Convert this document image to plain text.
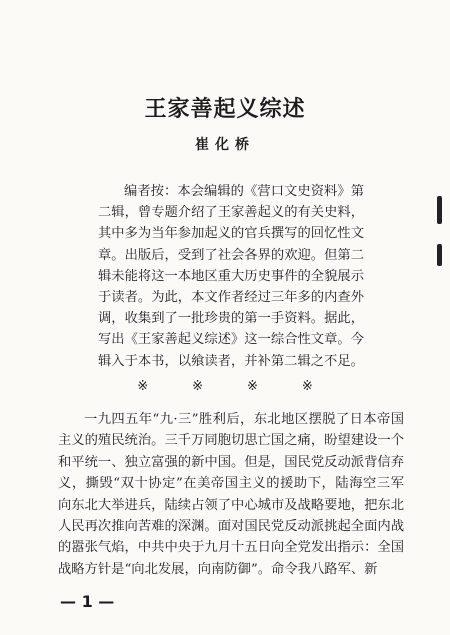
王家善起义综述
崔化桥

编者按：本会编辑的《营口文史资料》第二辑，曾专题介绍了王家善起义的有关史料，其中多为当年参加起义的官兵撰写的回忆性文章。出版后，受到了社会各界的欢迎。但第二辑未能将这一本地区重大历史事件的全貌展示于读者。为此，本文作者经过三年多的内查外调，收集到了一批珍贵的第一手资料。据此，写出《王家善起义综述》这一综合性文章。今辑入于本书，以飨读者，并补第二辑之不足。

※	※	※	※

一九四五年“九·三”胜利后，东北地区摆脱了日本帝国主义的殖民统治。三千万同胞切思亡国之痛，盼望建设一个和平统一、独立富强的新中国。但是，国民党反动派背信弃义，撕毁“双十协定”在美帝国主义的援助下，陆海空三军向东北大举进兵，陆续占领了中心城市及战略要地，把东北人民再次推向苦难的深渊。面对国民党反动派挑起全面内战的嚣张气焰，中共中央于九月十五日向全党发出指示：全国战略方针是“向北发展，向南防御”。命令我八路军、新

— 1 —
